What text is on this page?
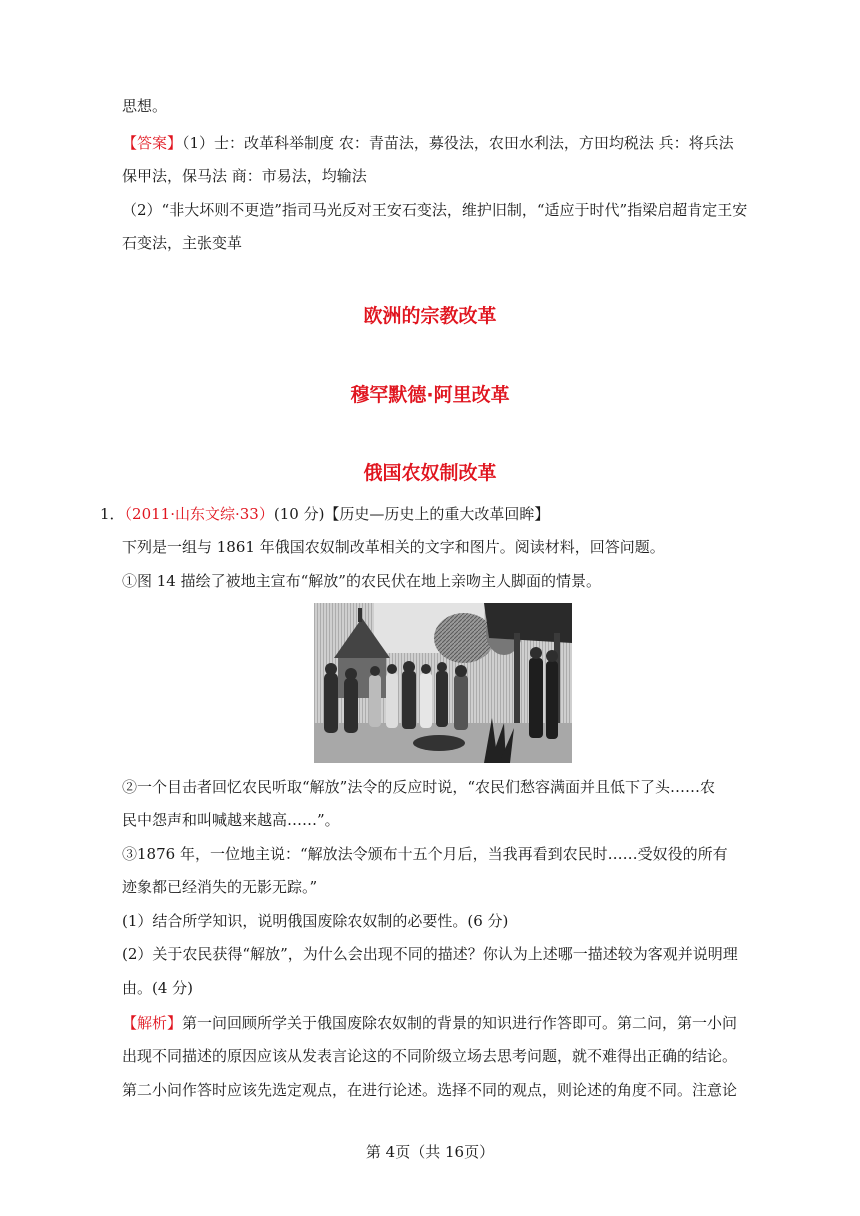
思想。
【答案】（1）士：改革科举制度 农：青苗法，募役法，农田水利法，方田均税法 兵：将兵法
保甲法，保马法 商：市易法，均输法
（2）“非大坏则不更造”指司马光反对王安石变法，维护旧制，“适应于时代”指梁启超肯定王安
石变法，主张变革
欧洲的宗教改革
穆罕默德·阿里改革
俄国农奴制改革
1．（2011·山东文综·33）(10 分)【历史—历史上的重大改革回眸】
下列是一组与 1861 年俄国农奴制改革相关的文字和图片。阅读材料，回答问题。
①图 14 描绘了被地主宣布“解放”的农民伏在地上亲吻主人脚面的情景。
②一个目击者回忆农民听取“解放”法令的反应时说，“农民们愁容满面并且低下了头……农
民中怨声和叫喊越来越高……”。
③1876 年，一位地主说：“解放法令颁布十五个月后，当我再看到农民时……受奴役的所有
迹象都已经消失的无影无踪。”
(1）结合所学知识，说明俄国废除农奴制的必要性。(6 分)
(2）关于农民获得“解放”，为什么会出现不同的描述？你认为上述哪一描述较为客观并说明理
由。(4 分)
【解析】第一问回顾所学关于俄国废除农奴制的背景的知识进行作答即可。第二问，第一小问
出现不同描述的原因应该从发表言论这的不同阶级立场去思考问题，就不难得出正确的结论。
第二小问作答时应该先选定观点，在进行论述。选择不同的观点，则论述的角度不同。注意论
第 4页（共 16页）
